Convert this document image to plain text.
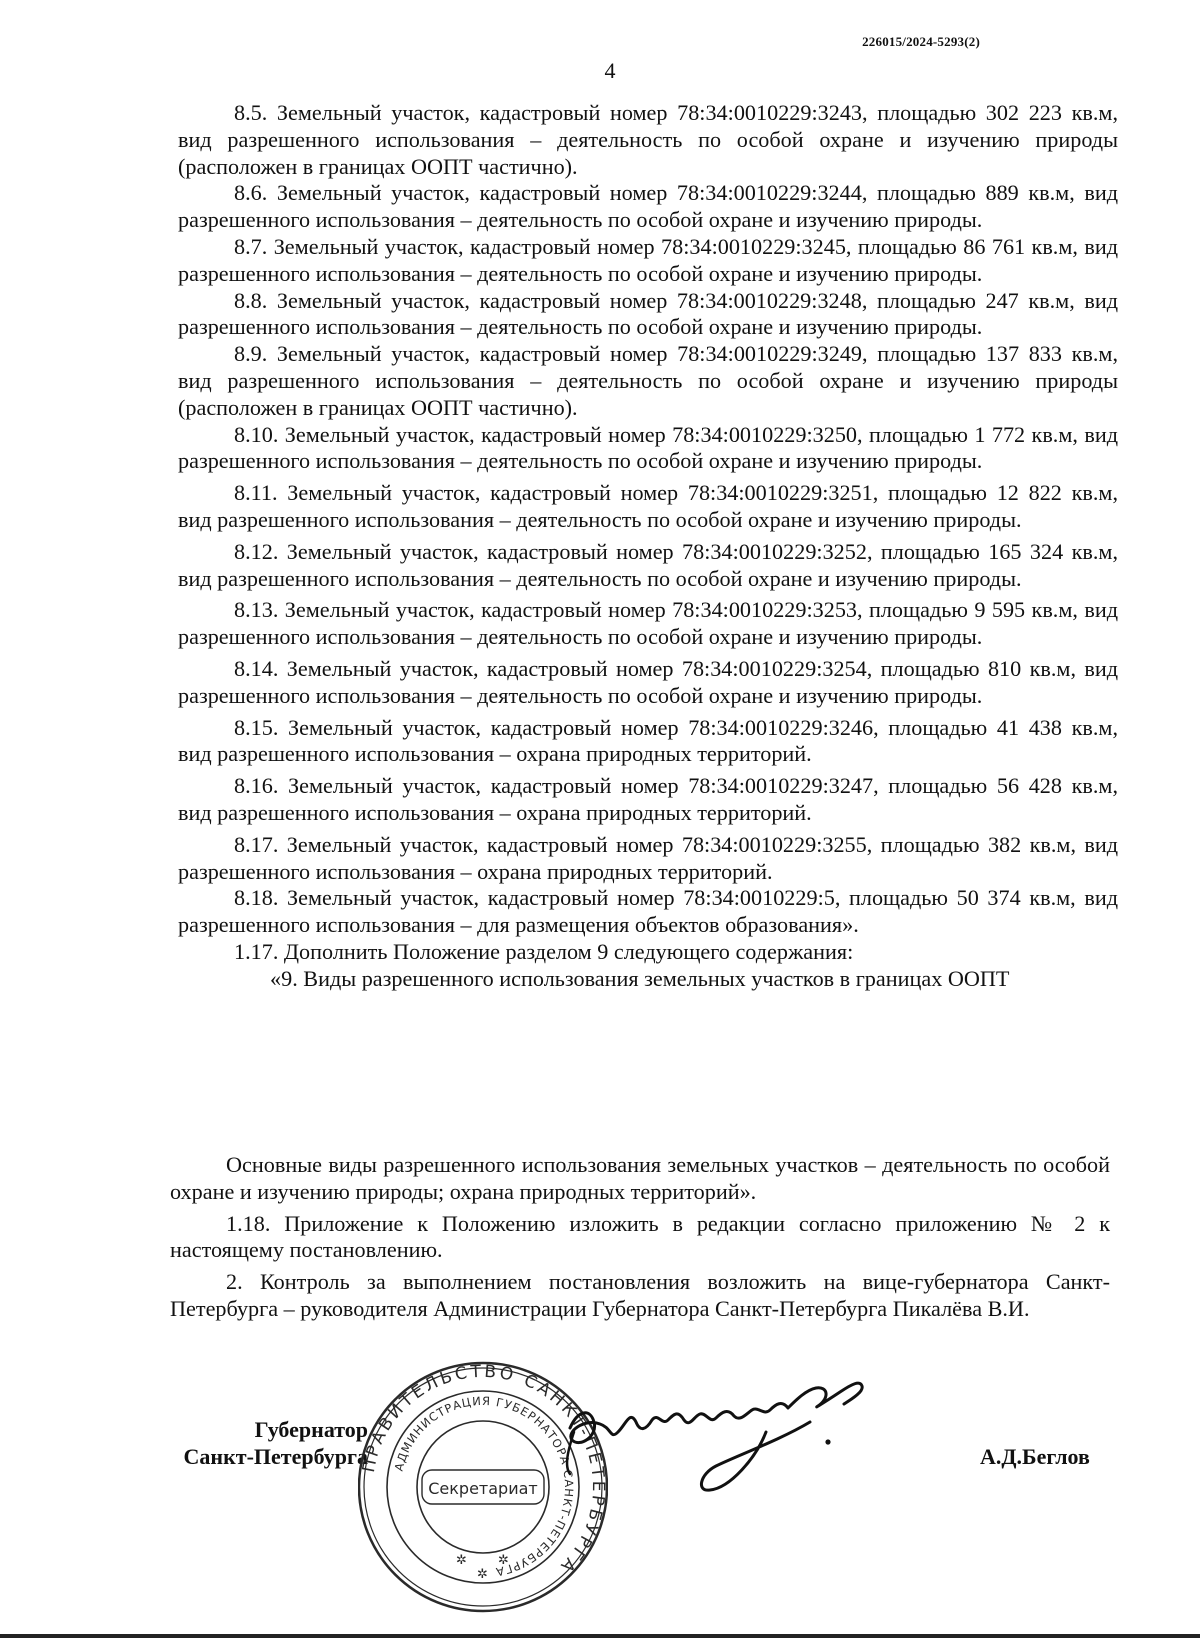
226015/2024-5293(2)
4

8.5. Земельный участок, кадастровый номер 78:34:0010229:3243, площадью 302 223 кв.м, вид разрешенного использования – деятельность по особой охране и изучению природы (расположен в границах ООПТ частично).

8.6. Земельный участок, кадастровый номер 78:34:0010229:3244, площадью 889 кв.м, вид разрешенного использования – деятельность по особой охране и изучению природы.

8.7. Земельный участок, кадастровый номер 78:34:0010229:3245, площадью 86 761 кв.м, вид разрешенного использования – деятельность по особой охране и изучению природы.

8.8. Земельный участок, кадастровый номер 78:34:0010229:3248, площадью 247 кв.м, вид разрешенного использования – деятельность по особой охране и изучению природы.

8.9. Земельный участок, кадастровый номер 78:34:0010229:3249, площадью 137 833 кв.м, вид разрешенного использования – деятельность по особой охране и изучению природы (расположен в границах ООПТ частично).

8.10. Земельный участок, кадастровый номер 78:34:0010229:3250, площадью 1 772 кв.м, вид разрешенного использования – деятельность по особой охране и изучению природы.

8.11. Земельный участок, кадастровый номер 78:34:0010229:3251, площадью 12 822 кв.м, вид разрешенного использования – деятельность по особой охране и изучению природы.

8.12. Земельный участок, кадастровый номер 78:34:0010229:3252, площадью 165 324 кв.м, вид разрешенного использования – деятельность по особой охране и изучению природы.

8.13. Земельный участок, кадастровый номер 78:34:0010229:3253, площадью 9 595 кв.м, вид разрешенного использования – деятельность по особой охране и изучению природы.

8.14. Земельный участок, кадастровый номер 78:34:0010229:3254, площадью 810 кв.м, вид разрешенного использования – деятельность по особой охране и изучению природы.

8.15. Земельный участок, кадастровый номер 78:34:0010229:3246, площадью 41 438 кв.м, вид разрешенного использования – охрана природных территорий.

8.16. Земельный участок, кадастровый номер 78:34:0010229:3247, площадью 56 428 кв.м, вид разрешенного использования – охрана природных территорий.

8.17. Земельный участок, кадастровый номер 78:34:0010229:3255, площадью 382 кв.м, вид разрешенного использования – охрана природных территорий.

8.18. Земельный участок, кадастровый номер 78:34:0010229:5, площадью 50 374 кв.м, вид разрешенного использования – для размещения объектов образования».

1.17. Дополнить Положение разделом 9 следующего содержания:

«9. Виды разрешенного использования земельных участков в границах ООПТ

Основные виды разрешенного использования земельных участков – деятельность по особой охране и изучению природы; охрана природных территорий».

1.18. Приложение к Положению изложить в редакции согласно приложению № 2 к настоящему постановлению.

2. Контроль за выполнением постановления возложить на вице-губернатора Санкт-Петербурга – руководителя Администрации Губернатора Санкт-Петербурга Пикалёва В.И.

Губернатор
Санкт-Петербурга
ПРАВИТЕЛЬСТВО САНКТ-ПЕТЕРБУРГА
АДМИНИСТРАЦИЯ ГУБЕРНАТОРА САНКТ-ПЕТЕРБУРГА
Секретариат
✲ ✲
✲
А.Д.Беглов
